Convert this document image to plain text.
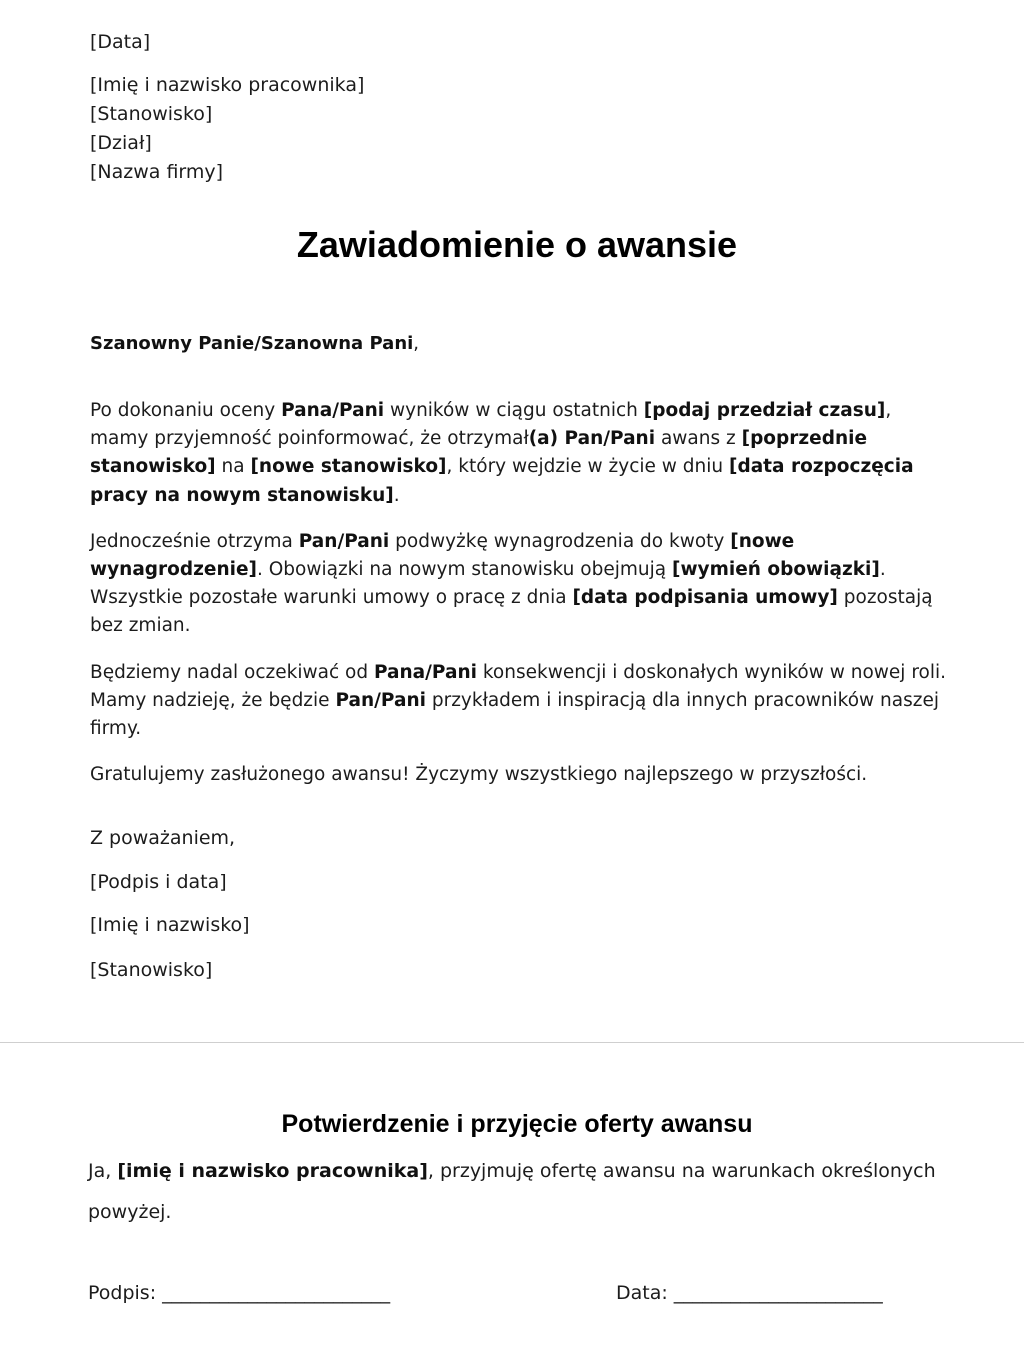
[Data]
[Imię i nazwisko pracownika]
[Stanowisko]
[Dział]
[Nazwa firmy]
Zawiadomienie o awansie
Szanowny Panie/Szanowna Pani,

Po dokonaniu oceny Pana/Pani wyników w ciągu ostatnich [podaj przedział czasu], mamy przyjemność poinformować, że otrzymał(a) Pan/Pani awans z [poprzednie stanowisko] na [nowe stanowisko], który wejdzie w życie w dniu [data rozpoczęcia pracy na nowym stanowisku].

Jednocześnie otrzyma Pan/Pani podwyżkę wynagrodzenia do kwoty [nowe wynagrodzenie]. Obowiązki na nowym stanowisku obejmują [wymień obowiązki]. Wszystkie pozostałe warunki umowy o pracę z dnia [data podpisania umowy] pozostają bez zmian.

Będziemy nadal oczekiwać od Pana/Pani konsekwencji i doskonałych wyników w nowej roli. Mamy nadzieję, że będzie Pan/Pani przykładem i inspiracją dla innych pracowników naszej firmy.

Gratulujemy zasłużonego awansu! Życzymy wszystkiego najlepszego w przyszłości.

Z poważaniem,
[Podpis i data]
[Imię i nazwisko]
[Stanowisko]
Potwierdzenie i przyjęcie oferty awansu
Ja, [imię i nazwisko pracownika], przyjmuję ofertę awansu na warunkach określonych powyżej.
Podpis: ________________________	Data: ______________________
